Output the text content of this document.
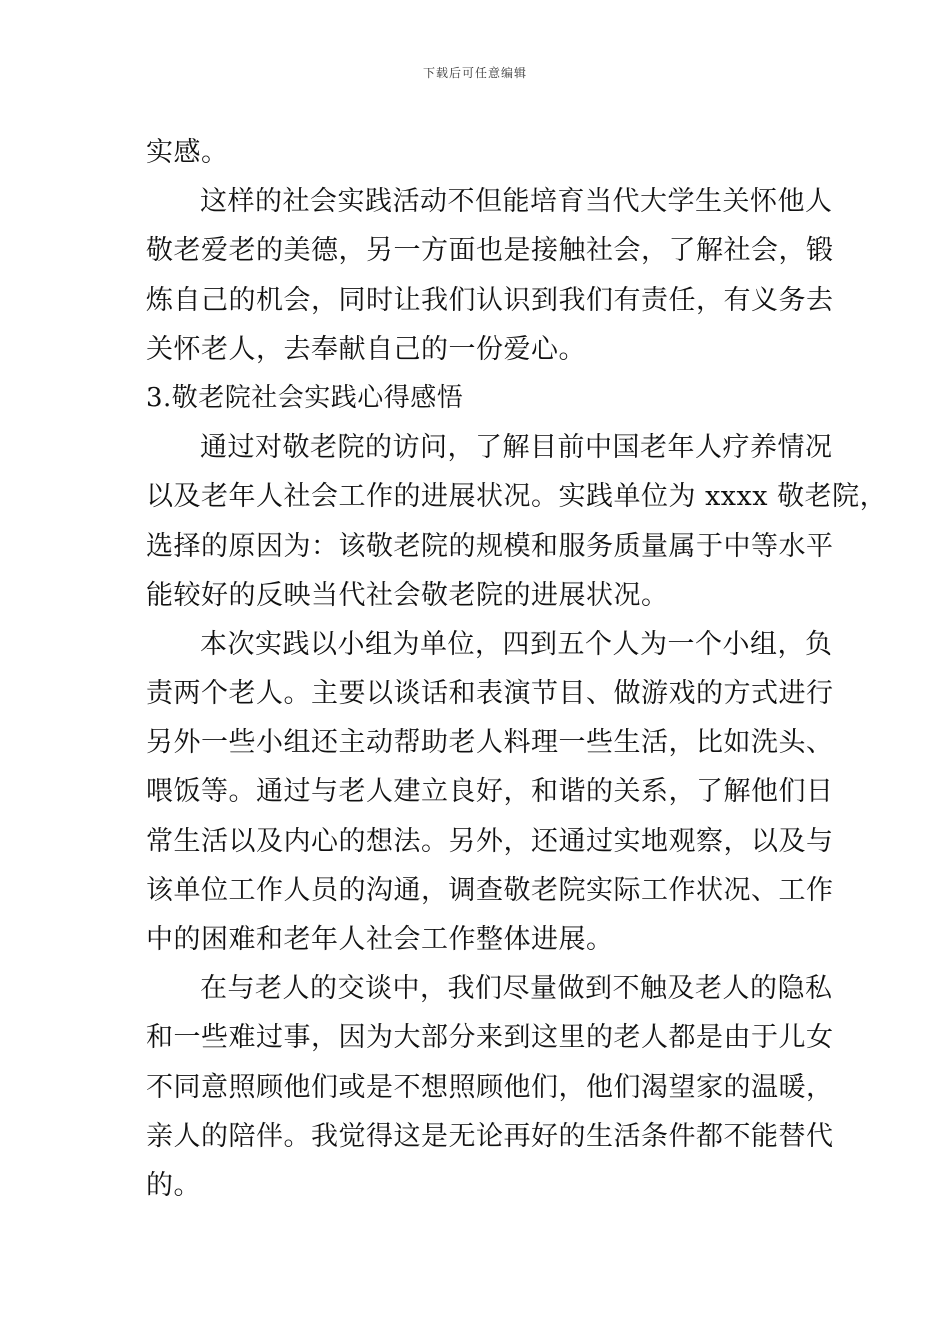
下载后可任意编辑
实感。
这样的社会实践活动不但能培育当代大学生关怀他人
敬老爱老的美德，另一方面也是接触社会，了解社会，锻
炼自己的机会，同时让我们认识到我们有责任，有义务去
关怀老人，去奉献自己的一份爱心。
3.敬老院社会实践心得感悟
通过对敬老院的访问，了解目前中国老年人疗养情况
以及老年人社会工作的进展状况。实践单位为 xxxx 敬老院，
选择的原因为：该敬老院的规模和服务质量属于中等水平
能较好的反映当代社会敬老院的进展状况。
本次实践以小组为单位，四到五个人为一个小组，负
责两个老人。主要以谈话和表演节目、做游戏的方式进行
另外一些小组还主动帮助老人料理一些生活，比如洗头、
喂饭等。通过与老人建立良好，和谐的关系，了解他们日
常生活以及内心的想法。另外，还通过实地观察，以及与
该单位工作人员的沟通，调查敬老院实际工作状况、工作
中的困难和老年人社会工作整体进展。
在与老人的交谈中，我们尽量做到不触及老人的隐私
和一些难过事，因为大部分来到这里的老人都是由于儿女
不同意照顾他们或是不想照顾他们，他们渴望家的温暖，
亲人的陪伴。我觉得这是无论再好的生活条件都不能替代
的。
